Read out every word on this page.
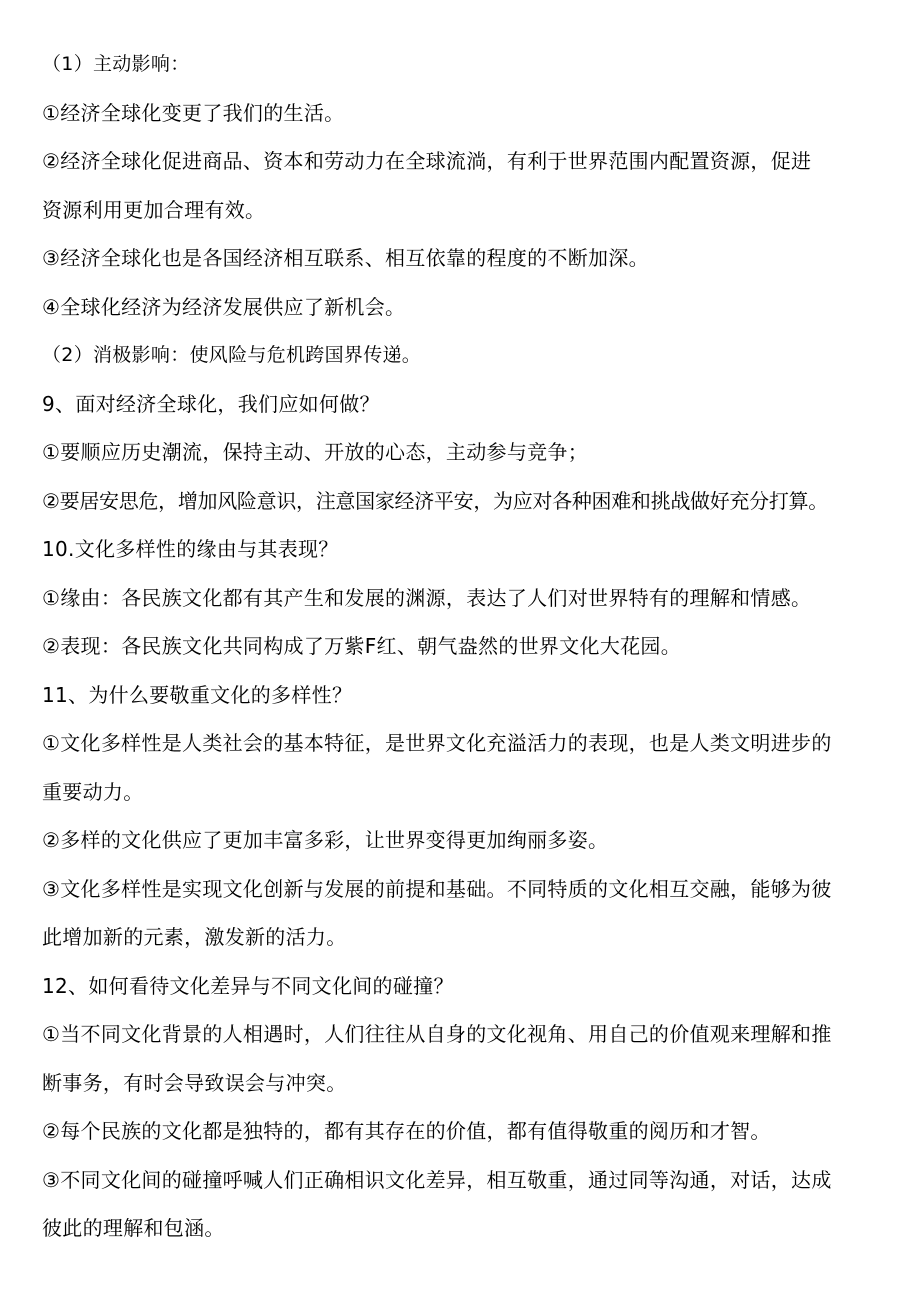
（1）主动影响：
①经济全球化变更了我们的生活。
②经济全球化促进商品、资本和劳动力在全球流淌，有利于世界范围内配置资源，促进
资源利用更加合理有效。
③经济全球化也是各国经济相互联系、相互依靠的程度的不断加深。
④全球化经济为经济发展供应了新机会。
（2）消极影响：使风险与危机跨国界传递。
9、面对经济全球化，我们应如何做？
①要顺应历史潮流，保持主动、开放的心态，主动参与竞争；
②要居安思危，增加风险意识，注意国家经济平安，为应对各种困难和挑战做好充分打算。
10.文化多样性的缘由与其表现？
①缘由：各民族文化都有其产生和发展的渊源，表达了人们对世界特有的理解和情感。
②表现：各民族文化共同构成了万紫F红、朝气盎然的世界文化大花园。
11、为什么要敬重文化的多样性？
①文化多样性是人类社会的基本特征，是世界文化充溢活力的表现，也是人类文明进步的
重要动力。
②多样的文化供应了更加丰富多彩，让世界变得更加绚丽多姿。
③文化多样性是实现文化创新与发展的前提和基础。不同特质的文化相互交融，能够为彼
此增加新的元素，激发新的活力。
12、如何看待文化差异与不同文化间的碰撞？
①当不同文化背景的人相遇时，人们往往从自身的文化视角、用自己的价值观来理解和推
断事务，有时会导致误会与冲突。
②每个民族的文化都是独特的，都有其存在的价值，都有值得敬重的阅历和才智。
③不同文化间的碰撞呼喊人们正确相识文化差异，相互敬重，通过同等沟通，对话，达成
彼此的理解和包涵。
